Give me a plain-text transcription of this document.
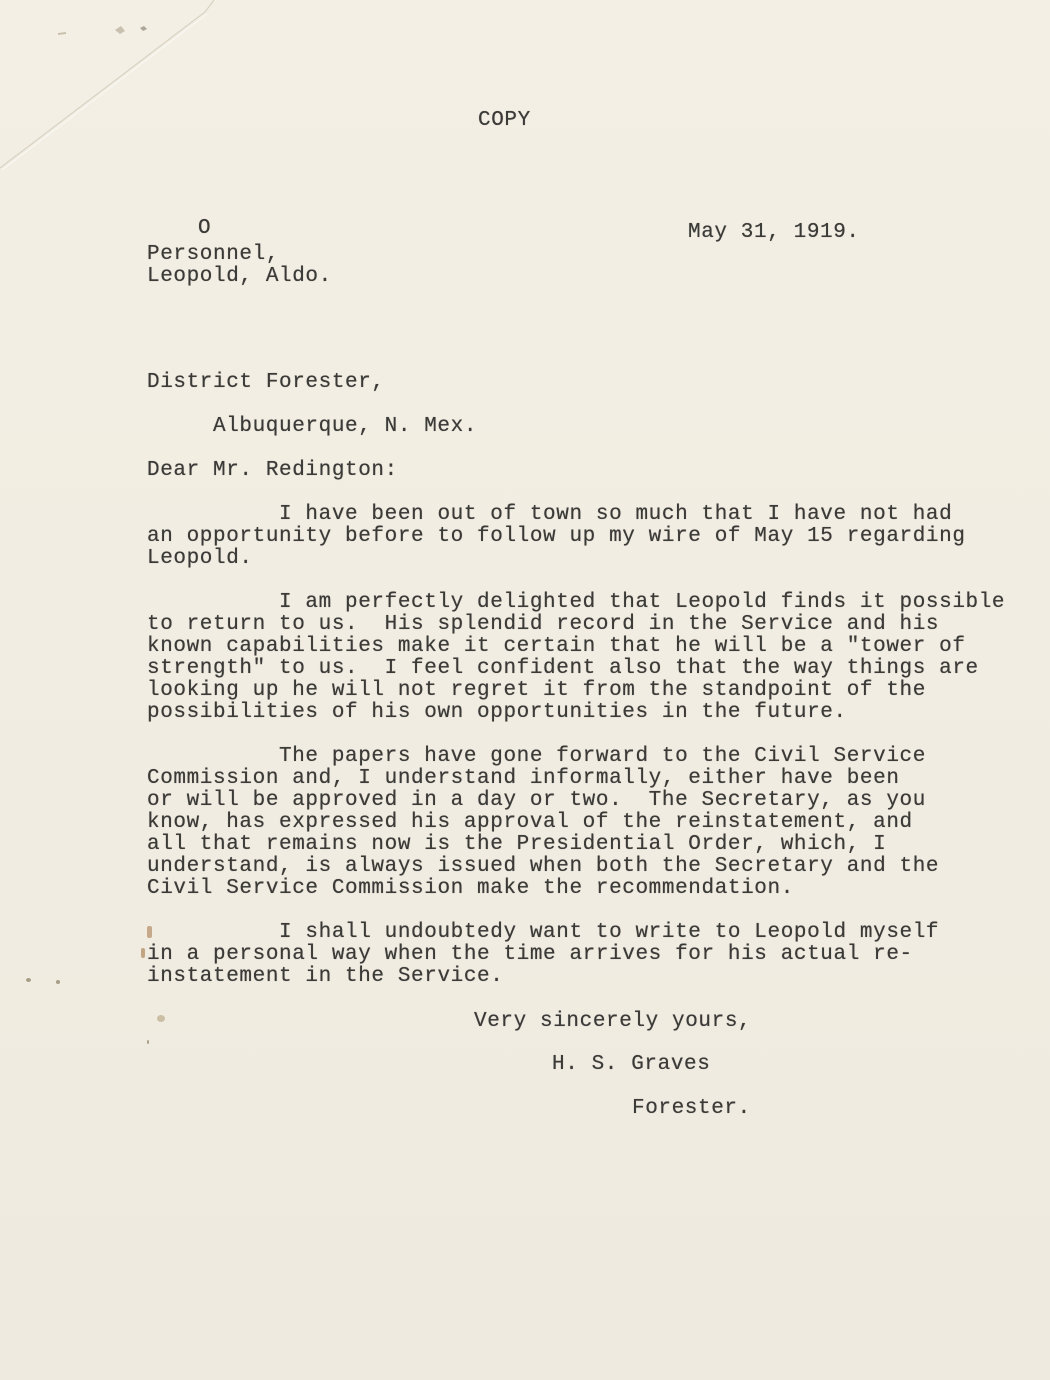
COPY

O

Personnel,

Leopold, Aldo.

May 31, 1919.

District Forester,

Albuquerque, N. Mex.

Dear Mr. Redington:

I have been out of town so much that I have not had
an opportunity before to follow up my wire of May 15 regarding
Leopold.
I am perfectly delighted that Leopold finds it possible
to return to us.  His splendid record in the Service and his
known capabilities make it certain that he will be a "tower of
strength" to us.  I feel confident also that the way things are
looking up he will not regret it from the standpoint of the
possibilities of his own opportunities in the future.
The papers have gone forward to the Civil Service
Commission and, I understand informally, either have been
or will be approved in a day or two.  The Secretary, as you
know, has expressed his approval of the reinstatement, and
all that remains now is the Presidential Order, which, I
understand, is always issued when both the Secretary and the
Civil Service Commission make the recommendation.
I shall undoubtedy want to write to Leopold myself
in a personal way when the time arrives for his actual re-
instatement in the Service.

Very sincerely yours,

H. S. Graves

Forester.
